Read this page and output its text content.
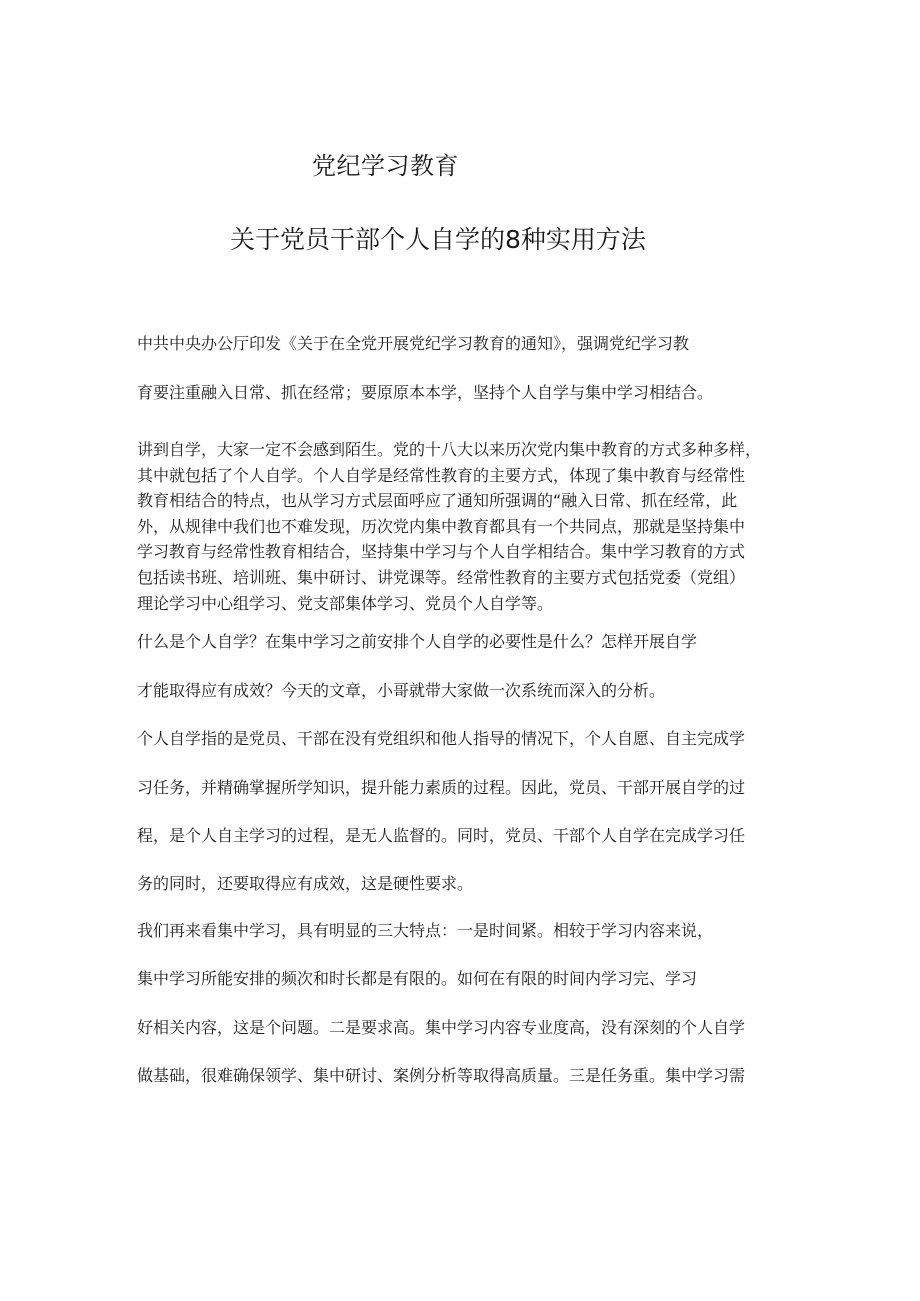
党纪学习教育
关于党员干部个人自学的8种实用方法

中共中央办公厅印发《关于在全党开展党纪学习教育的通知》，强调党纪学习教

育要注重融入日常、抓在经常；要原原本本学，坚持个人自学与集中学习相结合。

讲到自学，大家一定不会感到陌生。党的十八大以来历次党内集中教育的方式多种多样，
其中就包括了个人自学。个人自学是经常性教育的主要方式，体现了集中教育与经常性
教育相结合的特点，也从学习方式层面呼应了通知所强调的“融入日常、抓在经常，此
外，从规律中我们也不难发现，历次党内集中教育都具有一个共同点，那就是坚持集中
学习教育与经常性教育相结合，坚持集中学习与个人自学相结合。集中学习教育的方式
包括读书班、培训班、集中研讨、讲党课等。经常性教育的主要方式包括党委（党组）
理论学习中心组学习、党支部集体学习、党员个人自学等。

什么是个人自学？在集中学习之前安排个人自学的必要性是什么？怎样开展自学

才能取得应有成效？今天的文章，小哥就带大家做一次系统而深入的分析。

个人自学指的是党员、干部在没有党组织和他人指导的情况下，个人自愿、自主完成学

习任务，并精确掌握所学知识，提升能力素质的过程。因此，党员、干部开展自学的过

程，是个人自主学习的过程，是无人监督的。同时，党员、干部个人自学在完成学习任

务的同时，还要取得应有成效，这是硬性要求。

我们再来看集中学习，具有明显的三大特点：一是时间紧。相较于学习内容来说，

集中学习所能安排的频次和时长都是有限的。如何在有限的时间内学习完、学习

好相关内容，这是个问题。二是要求高。集中学习内容专业度高，没有深刻的个人自学

做基础，很难确保领学、集中研讨、案例分析等取得高质量。三是任务重。集中学习需
